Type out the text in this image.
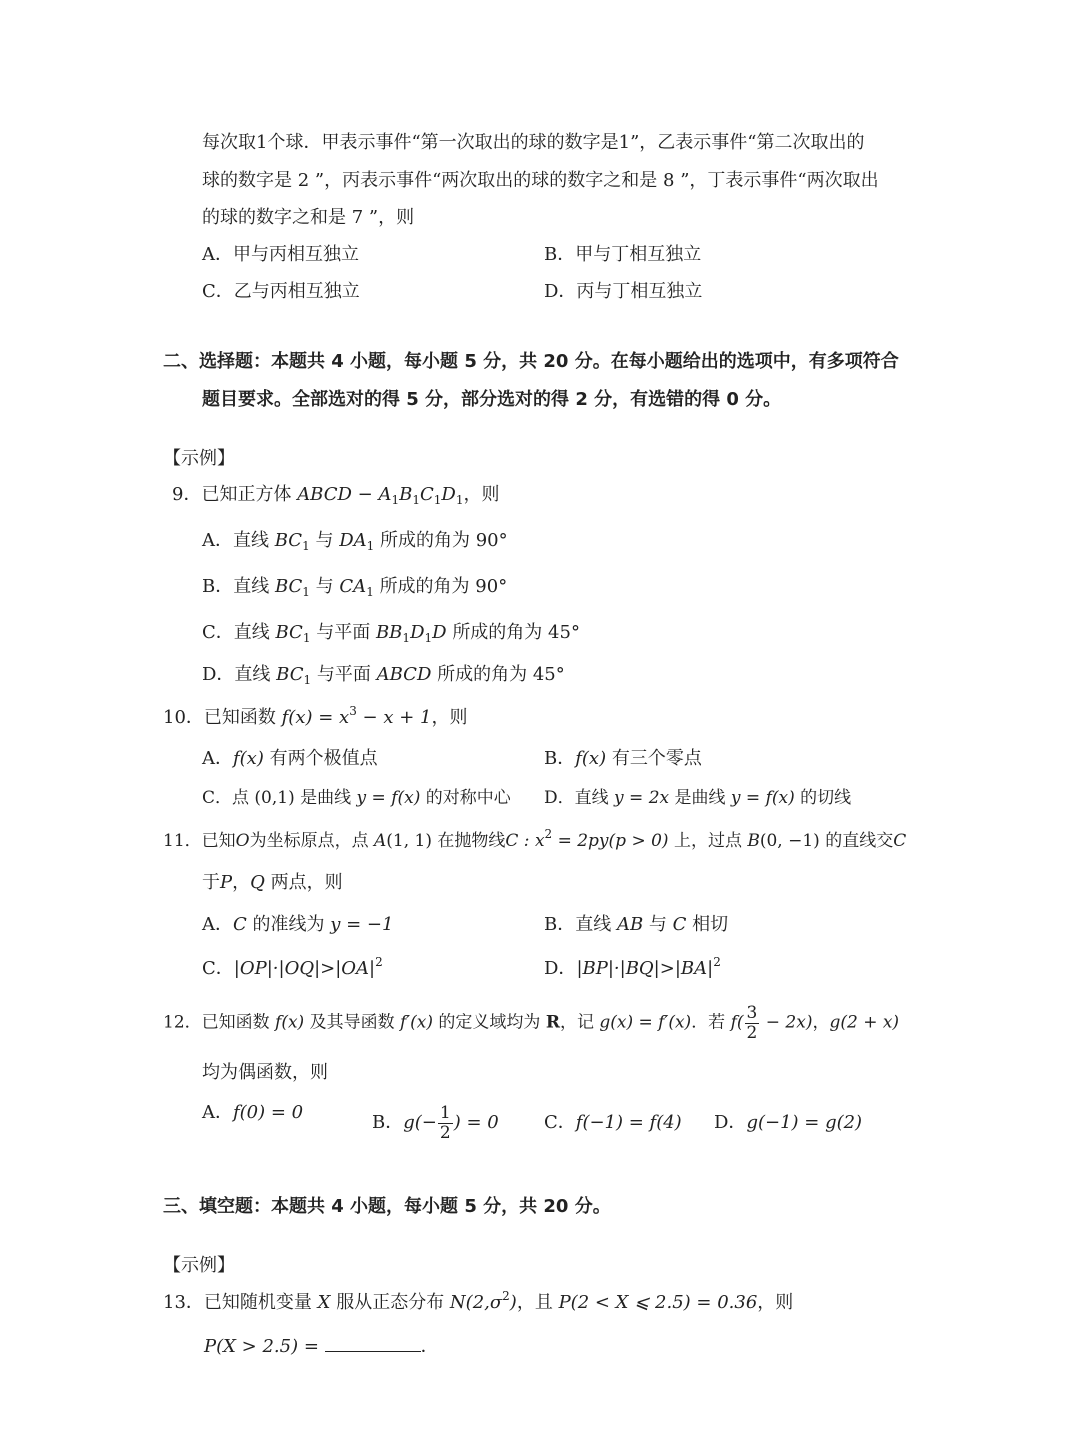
每次取1个球．甲表示事件“第一次取出的球的数字是1”，乙表示事件“第二次取出的
球的数字是 2 ”，丙表示事件“两次取出的球的数字之和是 8 ”，丁表示事件“两次取出
的球的数字之和是 7 ”，则
A．甲与丙相互独立	B．甲与丁相互独立
C．乙与丙相互独立	D．丙与丁相互独立
二、选择题：本题共 4 小题，每小题 5 分，共 20 分。在每小题给出的选项中，有多项符合
题目要求。全部选对的得 5 分，部分选对的得 2 分，有选错的得 0 分。
【示例】
9．已知正方体 ABCD − $A_1B_1C_1D_1$，则
A．直线 $BC_1$ 与 $DA_1$ 所成的角为 90°
B．直线 $BC_1$ 与 $CA_1$ 所成的角为 90°
C．直线 $BC_1$ 与平面 $BB_1D_1D$ 所成的角为 45°
D．直线 $BC_1$ 与平面 ABCD 所成的角为 45°
10．已知函数 $f(x) = x^3 - x + 1$，则
A．f(x) 有两个极值点	B．f(x) 有三个零点
C．点 (0,1) 是曲线 y = f(x) 的对称中心 D．直线 y = 2x 是曲线 y = f(x) 的切线
11．已知O为坐标原点，点 A(1, 1) 在抛物线C : $x^2 = 2py(p > 0)$ 上，过点 B(0, −1) 的直线交C
于P，Q 两点，则
A．C 的准线为 y = −1	B．直线 AB 与 C 相切
C．$|OP|\cdot|OQ|>|OA|^2$	D．$|BP|\cdot|BQ|>|BA|^2$
12．已知函数 f(x) 及其导函数 f′(x) 的定义域均为 R，记 g(x) = f′(x)．若 $f( \frac{3}{2} - 2x)$，g(2 + x)
均为偶函数，则
A．f(0) = 0	B．$g(- \frac{1}{2}$ ) = 0	C．f(−1) = f(4) D．g(−1) = g(2)
三、填空题：本题共 4 小题，每小题 5 分，共 20 分。
【示例】
13．已知随机变量 X 服从正态分布 $N(2,\sigma^2)$，且 P(2 < X ⩽ 2.5) = 0.36，则
P(X > 2.5) =	．
